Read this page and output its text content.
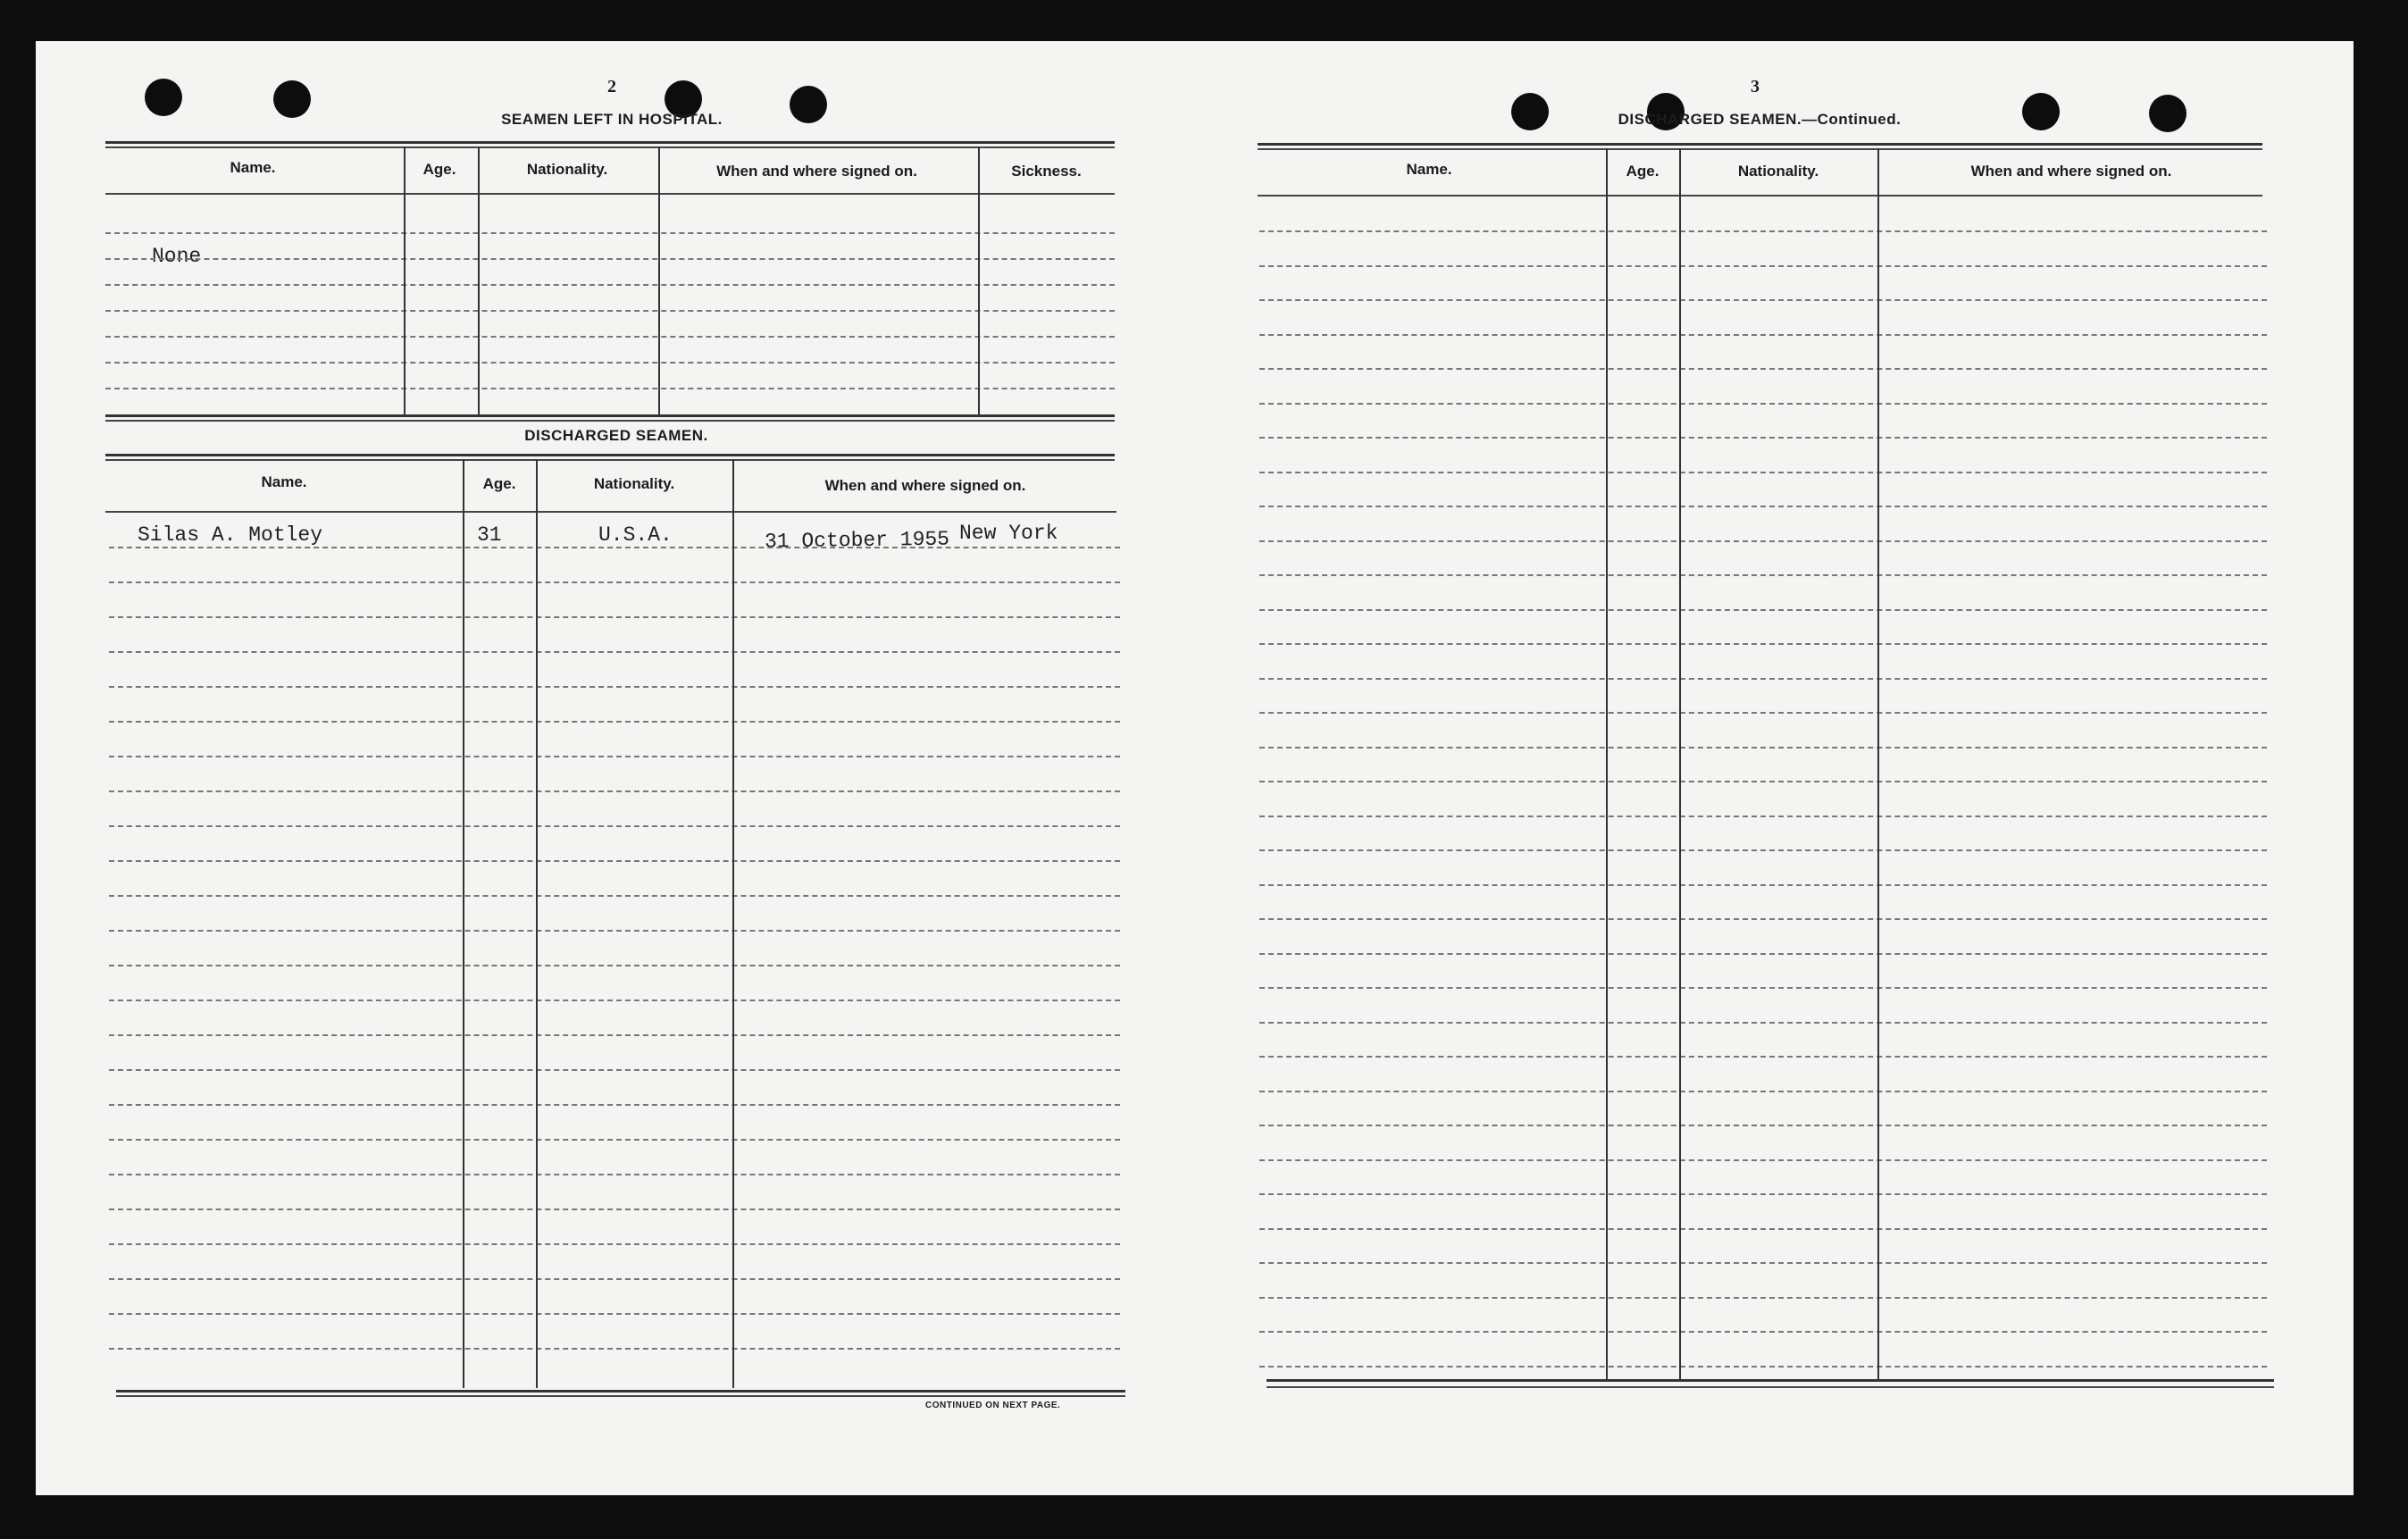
2
SEAMEN LEFT IN HOSPITAL.
Name.	Age.	Nationality.	When and where signed on.	Sickness.
None
DISCHARGED SEAMEN.
Name.	Age.	Nationality.	When and where signed on.
Silas A. Motley	31	U.S.A.	31 October 1955 New York
CONTINUED ON NEXT PAGE.
3
DISCHARGED SEAMEN.—Continued.
Name.	Age.	Nationality.	When and where signed on.
